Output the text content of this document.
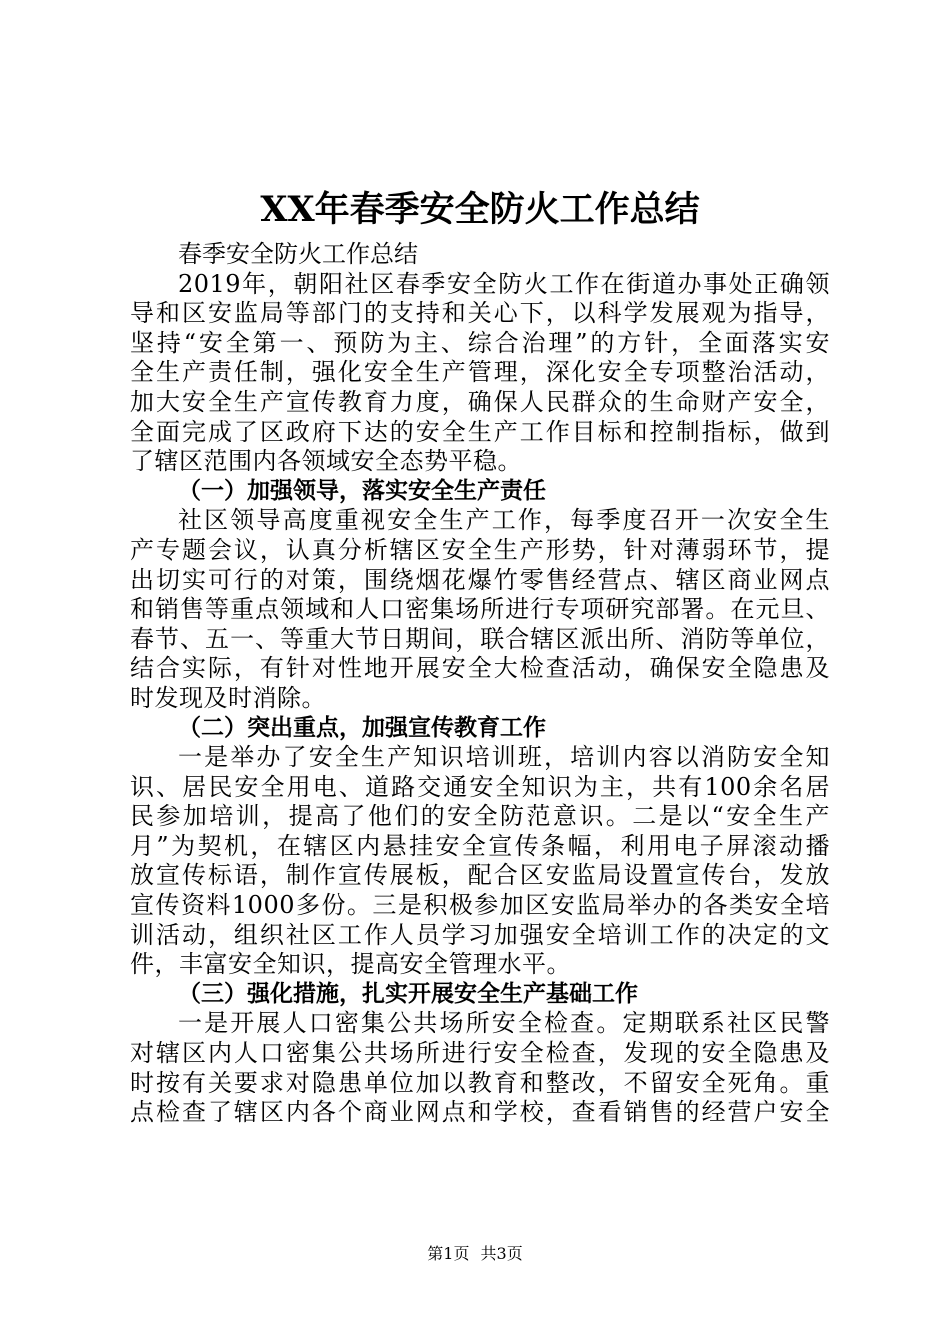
XX年春季安全防火工作总结
春季安全防火工作总结
2019年，朝阳社区春季安全防火工作在街道办事处正确领
导和区安监局等部门的支持和关心下，以科学发展观为指导，
坚持“安全第一、预防为主、综合治理”的方针，全面落实安
全生产责任制，强化安全生产管理，深化安全专项整治活动，
加大安全生产宣传教育力度，确保人民群众的生命财产安全，
全面完成了区政府下达的安全生产工作目标和控制指标，做到
了辖区范围内各领域安全态势平稳。
（一）加强领导，落实安全生产责任
社区领导高度重视安全生产工作，每季度召开一次安全生
产专题会议，认真分析辖区安全生产形势，针对薄弱环节，提
出切实可行的对策，围绕烟花爆竹零售经营点、辖区商业网点
和销售等重点领域和人口密集场所进行专项研究部署。在元旦、
春节、五一、等重大节日期间，联合辖区派出所、消防等单位，
结合实际，有针对性地开展安全大检查活动，确保安全隐患及
时发现及时消除。
（二）突出重点，加强宣传教育工作
一是举办了安全生产知识培训班，培训内容以消防安全知
识、居民安全用电、道路交通安全知识为主，共有100余名居
民参加培训，提高了他们的安全防范意识。二是以“安全生产
月”为契机，在辖区内悬挂安全宣传条幅，利用电子屏滚动播
放宣传标语，制作宣传展板，配合区安监局设置宣传台，发放
宣传资料1000多份。三是积极参加区安监局举办的各类安全培
训活动，组织社区工作人员学习加强安全培训工作的决定的文
件，丰富安全知识，提高安全管理水平。
（三）强化措施，扎实开展安全生产基础工作
一是开展人口密集公共场所安全检查。定期联系社区民警
对辖区内人口密集公共场所进行安全检查，发现的安全隐患及
时按有关要求对隐患单位加以教育和整改，不留安全死角。重
点检查了辖区内各个商业网点和学校，查看销售的经营户安全
第1页 共3页
